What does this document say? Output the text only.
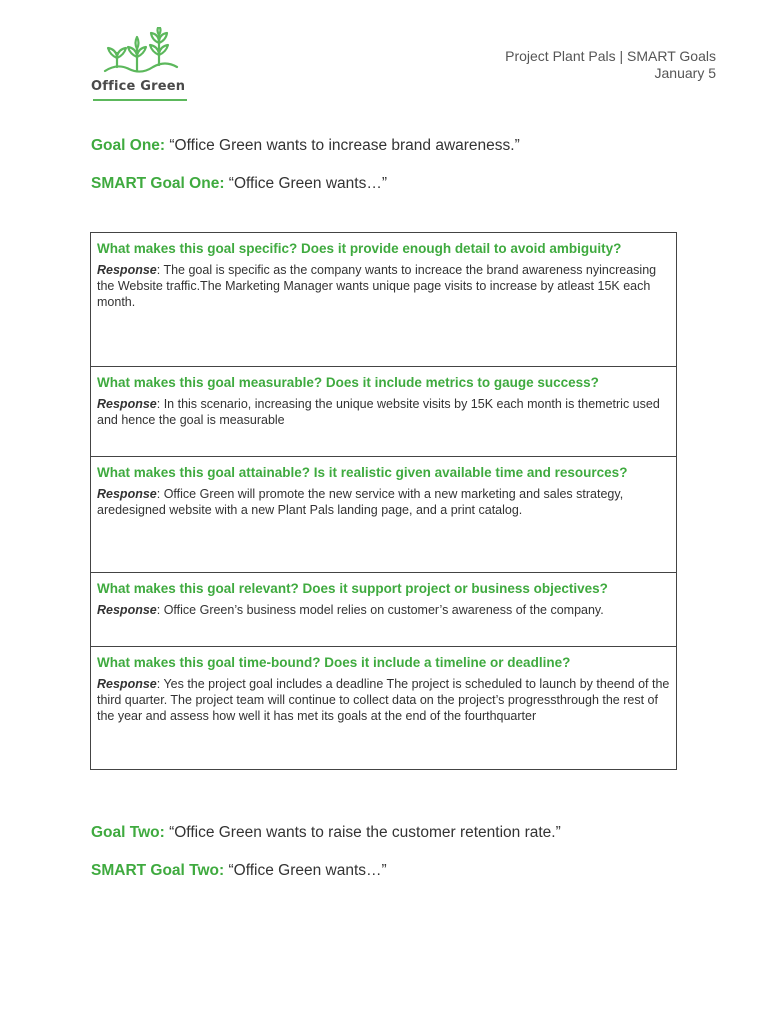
Office Green
Project Plant Pals | SMART Goals
January 5
Goal One: “Office Green wants to increase brand awareness.”
SMART Goal One: “Office Green wants…”
What makes this goal specific? Does it provide enough detail to avoid ambiguity?
Response: The goal is specific as the company wants to increace the brand awareness nyincreasing the Website traffic.The Marketing Manager wants unique page visits to increase by atleast 15K each month.
What makes this goal measurable? Does it include metrics to gauge success?
Response: In this scenario, increasing the unique website visits by 15K each month is themetric used and hence the goal is measurable
What makes this goal attainable? Is it realistic given available time and resources?
Response: Office Green will promote the new service with a new marketing and sales strategy, aredesigned website with a new Plant Pals landing page, and a print catalog.
What makes this goal relevant? Does it support project or business objectives?
Response: Office Green’s business model relies on customer’s awareness of the company.
What makes this goal time-bound? Does it include a timeline or deadline?
Response: Yes the project goal includes a deadline The project is scheduled to launch by theend of the third quarter. The project team will continue to collect data on the project’s progressthrough the rest of the year and assess how well it has met its goals at the end of the fourthquarter
Goal Two: “Office Green wants to raise the customer retention rate.”
SMART Goal Two: “Office Green wants…”
